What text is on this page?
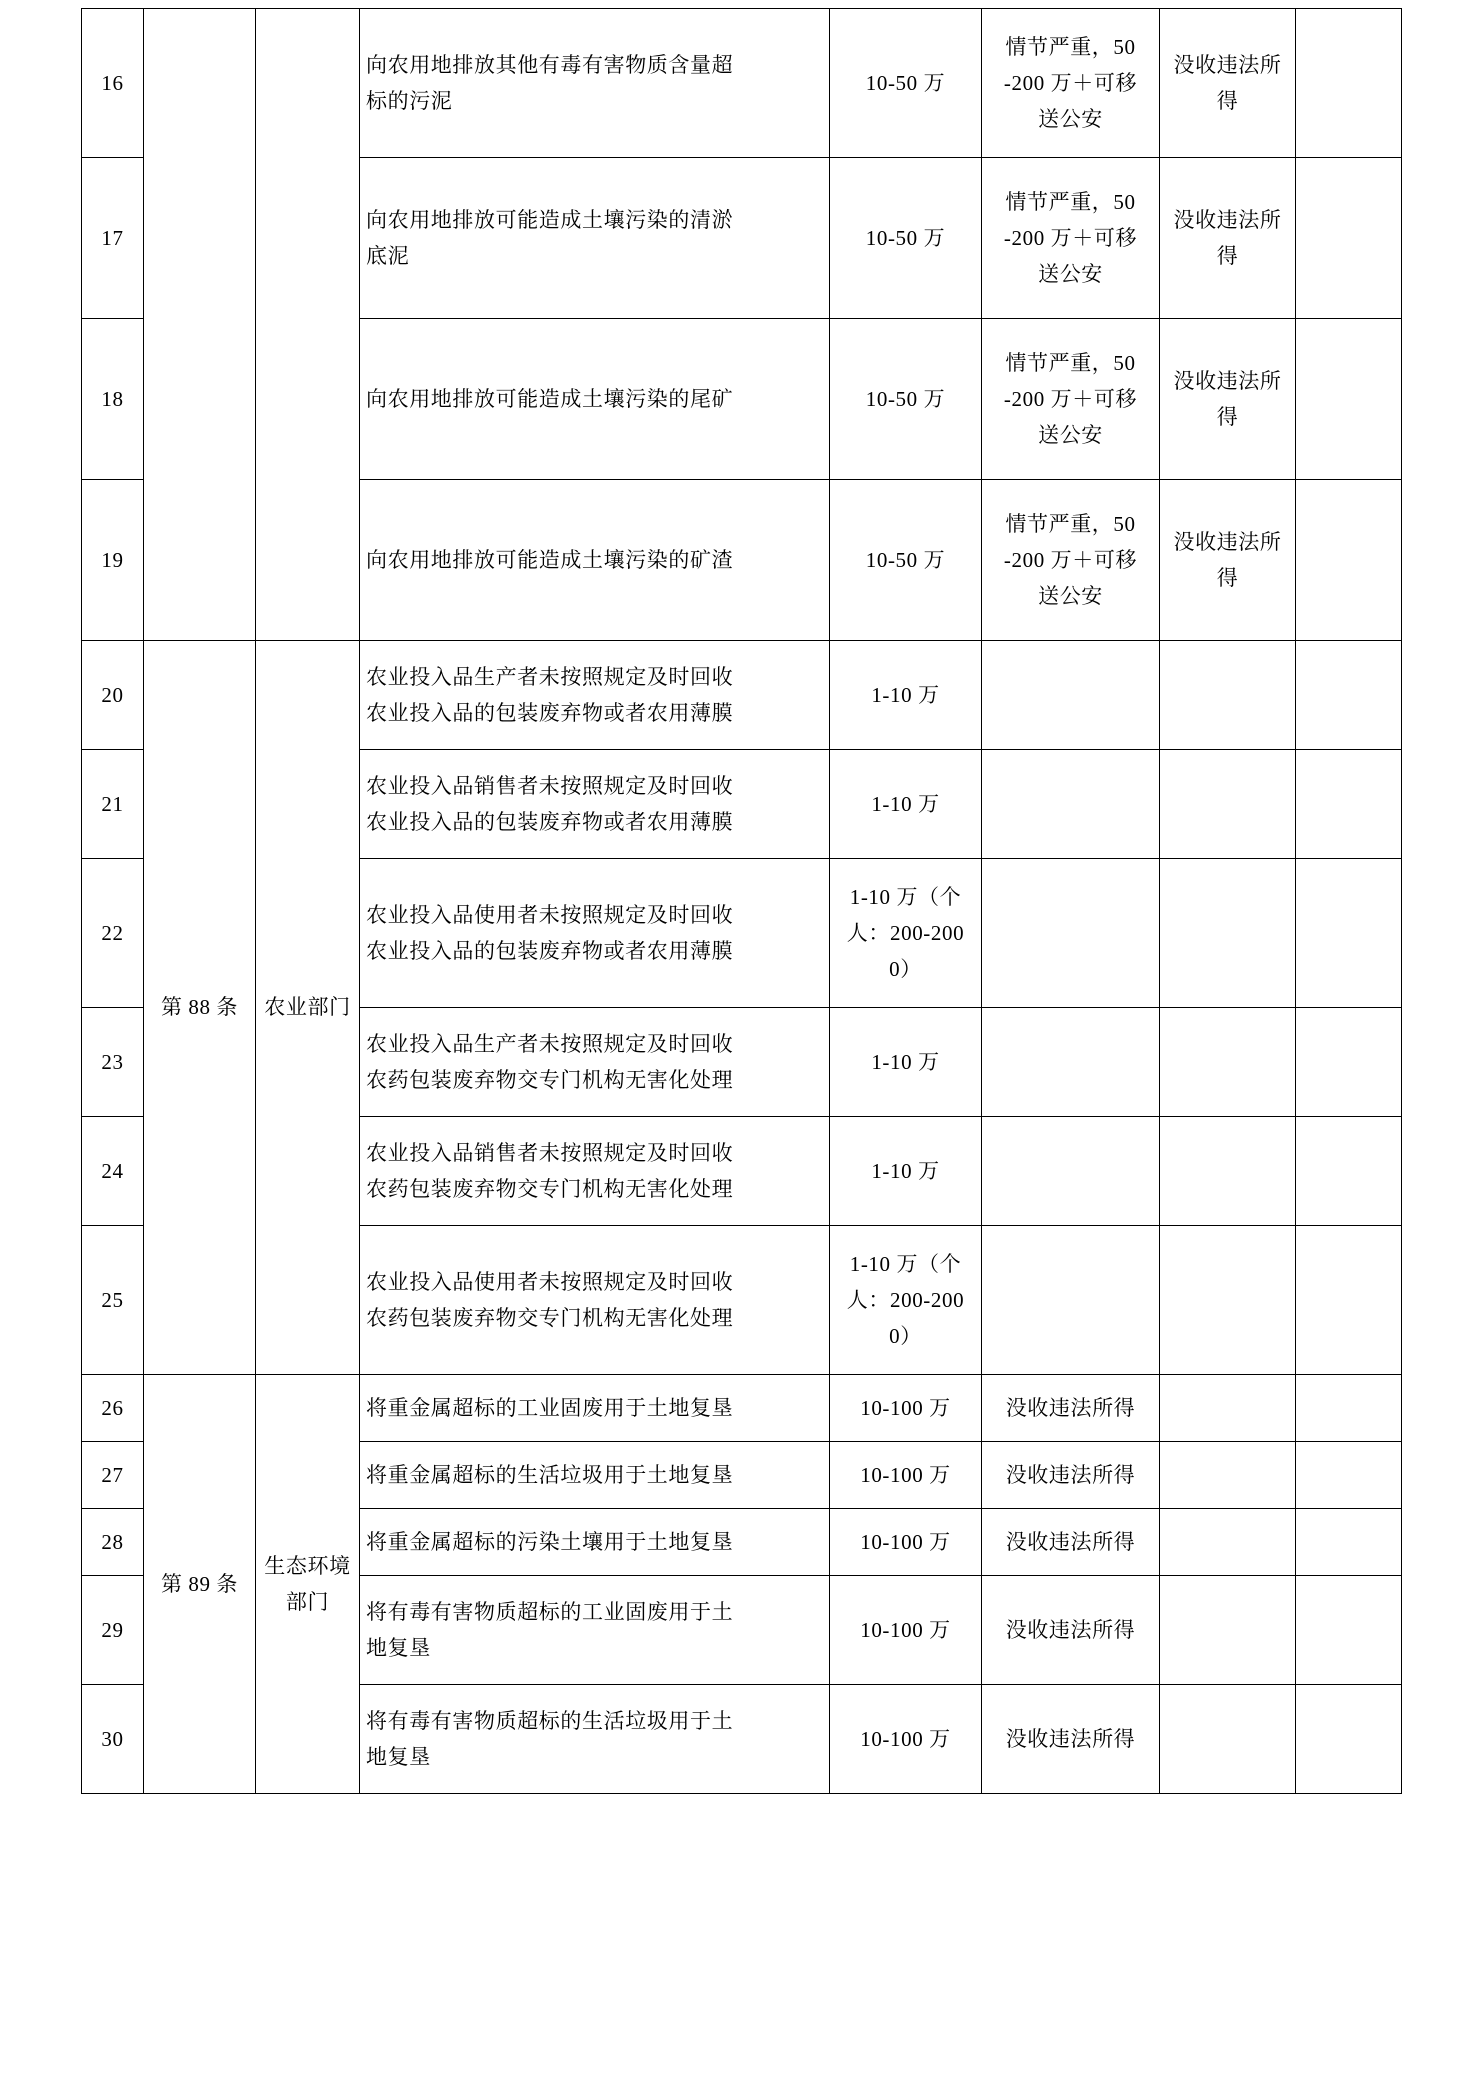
16			向农用地排放其他有毒有害物质含量超
标的污泥	10-50 万	情节严重，50
-200 万＋可移
送公安	没收违法所
得	

17			向农用地排放可能造成土壤污染的清淤
底泥	10-50 万	情节严重，50
-200 万＋可移
送公安	没收违法所
得	

18			向农用地排放可能造成土壤污染的尾矿	10-50 万	情节严重，50
-200 万＋可移
送公安	没收违法所
得	

19			向农用地排放可能造成土壤污染的矿渣	10-50 万	情节严重，50
-200 万＋可移
送公安	没收违法所
得	

20	第 88 条	农业部门	农业投入品生产者未按照规定及时回收
农业投入品的包装废弃物或者农用薄膜	1-10 万			

21			农业投入品销售者未按照规定及时回收
农业投入品的包装废弃物或者农用薄膜	1-10 万			

22			农业投入品使用者未按照规定及时回收
农业投入品的包装废弃物或者农用薄膜	1-10 万（个
人：200-200
0）			

23			农业投入品生产者未按照规定及时回收
农药包装废弃物交专门机构无害化处理	1-10 万			

24			农业投入品销售者未按照规定及时回收
农药包装废弃物交专门机构无害化处理	1-10 万			

25			农业投入品使用者未按照规定及时回收
农药包装废弃物交专门机构无害化处理	1-10 万（个
人：200-200
0）			

26	第 89 条	生态环境 部门	将重金属超标的工业固废用于土地复垦	10-100 万	没收违法所得		

27			将重金属超标的生活垃圾用于土地复垦	10-100 万	没收违法所得		

28			将重金属超标的污染土壤用于土地复垦	10-100 万	没收违法所得		

29			将有毒有害物质超标的工业固废用于土
地复垦	10-100 万	没收违法所得		

30			将有毒有害物质超标的生活垃圾用于土
地复垦	10-100 万	没收违法所得		
